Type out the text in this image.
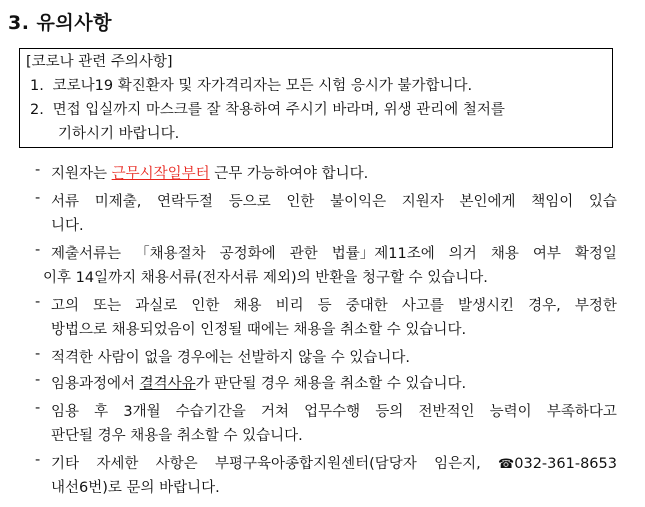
3. 유의사항
[코로나 관련 주의사항]
1. 코로나19 확진환자 및 자가격리자는 모든 시험 응시가 불가합니다.
2. 면접 입실까지 마스크를 잘 착용하여 주시기 바라며, 위생 관리에 철저를
기하시기 바랍니다.
- 지원자는 근무시작일부터 근무 가능하여야 합니다.
- 서류 미제출, 연락두절 등으로 인한 불이익은 지원자 본인에게 책임이 있습
니다.
- 제출서류는 「채용절차 공정화에 관한 법률」제11조에 의거 채용 여부 확정일
이후 14일까지 채용서류(전자서류 제외)의 반환을 청구할 수 있습니다.
- 고의 또는 과실로 인한 채용 비리 등 중대한 사고를 발생시킨 경우, 부정한
방법으로 채용되었음이 인정될 때에는 채용을 취소할 수 있습니다.
- 적격한 사람이 없을 경우에는 선발하지 않을 수 있습니다.
- 임용과정에서 결격사유가 판단될 경우 채용을 취소할 수 있습니다.
- 임용 후 3개월 수습기간을 거쳐 업무수행 등의 전반적인 능력이 부족하다고
판단될 경우 채용을 취소할 수 있습니다.
- 기타 자세한 사항은 부평구육아종합지원센터(담당자 임은지, ☎032-361-8653
내선6번)로 문의 바랍니다.
